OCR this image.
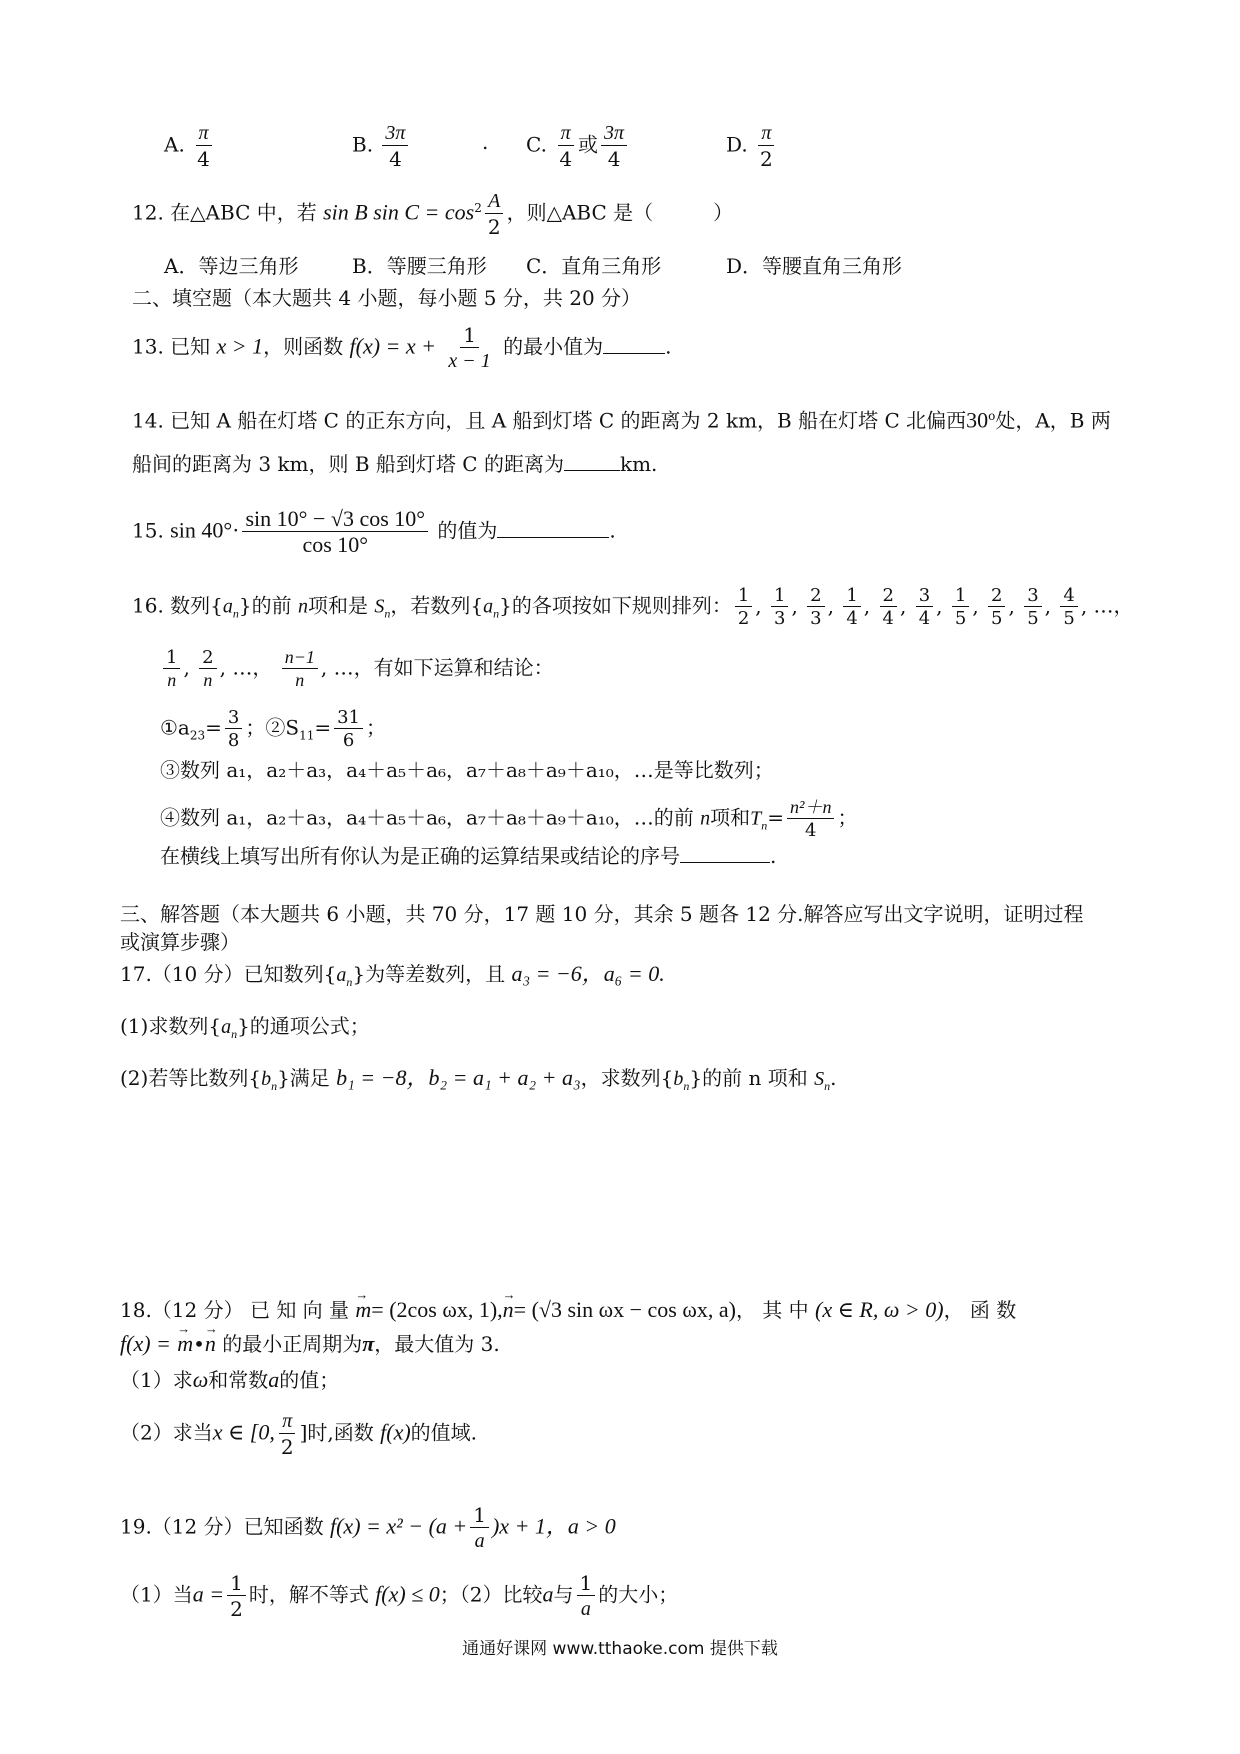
A. $\frac{\pi}{4}$	B. $\frac{3\pi}{4}$	. C. $\frac{\pi}{4}$ 或 $\frac{3\pi}{4}$	D. $\frac{\pi}{2}$
12. 在△ABC 中，若 sin B $\sin C = \cos^2 \frac{A}{2}$ ，则△ABC 是（　　　）
A．等边三角形	B．等腰三角形 C．直角三角形	D．等腰直角三角形
二、填空题（本大题共 4 小题，每小题 5 分，共 20 分）
13. 已知 x > 1，则函数 $f(x) = x + \frac{1}{x - 1}$ 的最小值为	.
14. 已知 A 船在灯塔 C 的正东方向，且 A 船到灯塔 C 的距离为 2 km，B 船在灯塔 C 北偏西30$^o$处，A，B 两
船间的距离为 3 km，则 B 船到灯塔 C 的距离为	km.
15. $\sin 40^\circ\cdot \frac{\sin 10^\circ - √3 \cos 10^\circ}{\cos 10^\circ}$ 的值为	.
16. 数列$\{a_n\}$的前 n项和是 $S_n$，若数列$\{a_n\}$的各项按如下规则排列： $\frac{1}{2}$ , $\frac{1}{3}$ , $\frac{2}{3}$ , $\frac{1}{4}$ , $\frac{2}{4}$ , $\frac{3}{4}$ , $\frac{1}{5}$ , $\frac{2}{5}$ , $\frac{3}{5}$ , $\frac{4}{5}$ , …，
$\frac{1}{n}$ , $\frac{2}{n}$ , …， $\frac{n-1}{n}$ , …，有如下运算和结论：
$①a_{23}= \frac{3}{8}$ ；$②S_{11}= \frac{31}{6}$ ；
③数列 a₁，a₂＋a₃，a₄＋a₅＋a₆，a₇＋a₈＋a₉＋a₁₀，…是等比数列；
④数列 a₁，a₂＋a₃，a₄＋a₅＋a₆，a₇＋a₈＋a₉＋a₁₀，…的前 n项和$T_n= \frac{\text{n²＋n}}{4}$ ；
在横线上填写出所有你认为是正确的运算结果或结论的序号	.
三、解答题（本大题共 6 小题，共 70 分，17 题 10 分，其余 5 题各 12 分.解答应写出文字说明，证明过程
或演算步骤）
17.（10 分）已知数列$\{a_n\}$为等差数列，且 a₃ = −6，a₆ = 0.
(1)求数列$\{a_n\}$的通项公式；
(2)若等比数列$\{b_n\}$满足 b₁ = −8，b₂ = a₁ + a₂ + a₃，求数列$\{b_n\}$的前 n 项和 $S_n$.
18.（12 分） 已 知 向 量 → m= (2cos ωx, 1),→ n= (√3 sin ωx − cos ωx, a)， 其 中 (x ∈ R, ω > 0)， 函 数
f(x) = → m•→ n 的最小正周期为π，最大值为 3.
（1）求ω和常数a的值；
（2）求当x ∈ [0, $\frac{\pi}{2}$ ]时,函数 f(x)的值域.
19.（12 分）已知函数 $f(x) = x^2 - (a + \frac{1}{a} )x + 1$，a > 0
（1）当$a = \frac{1}{2}$ 时，解不等式 f(x) ≤ 0；（2）比较a与 $\frac{1}{a}$ 的大小；
通通好课网 www.tthaoke.com 提供下载
